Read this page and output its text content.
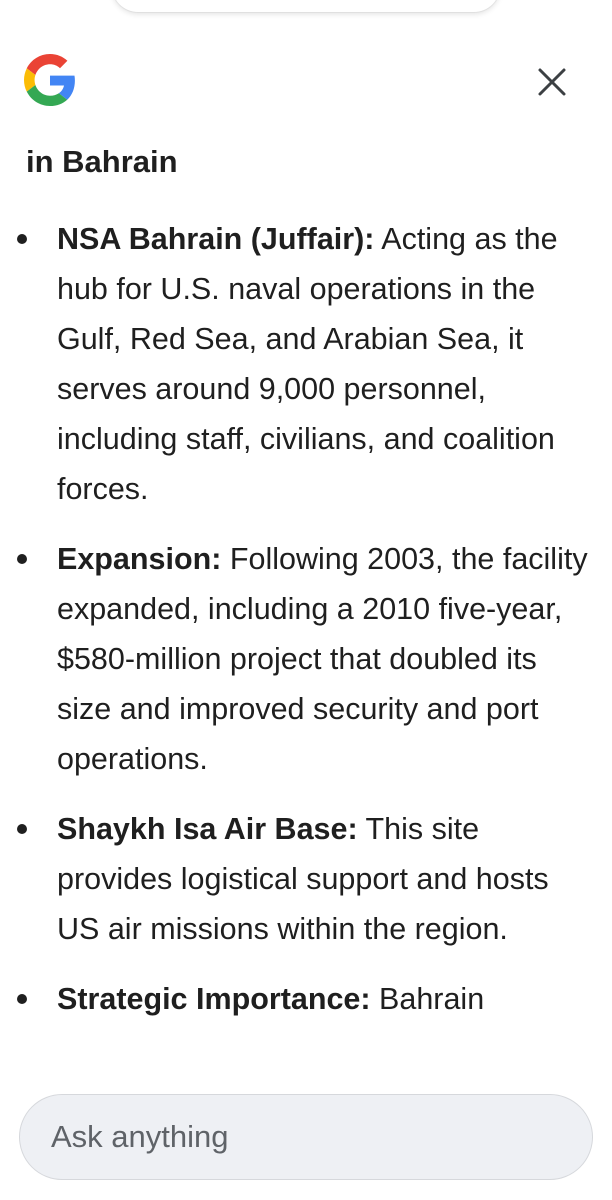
in Bahrain
NSA Bahrain (Juffair): Acting as the hub for U.S. naval operations in the Gulf, Red Sea, and Arabian Sea, it serves around 9,000 personnel, including staff, civilians, and coalition forces.
Expansion: Following 2003, the facility expanded, including a 2010 five-year, $580-million project that doubled its size and improved security and port operations.
Shaykh Isa Air Base: This site provides logistical support and hosts US air missions within the region.
Strategic Importance: Bahrain
Ask anything
